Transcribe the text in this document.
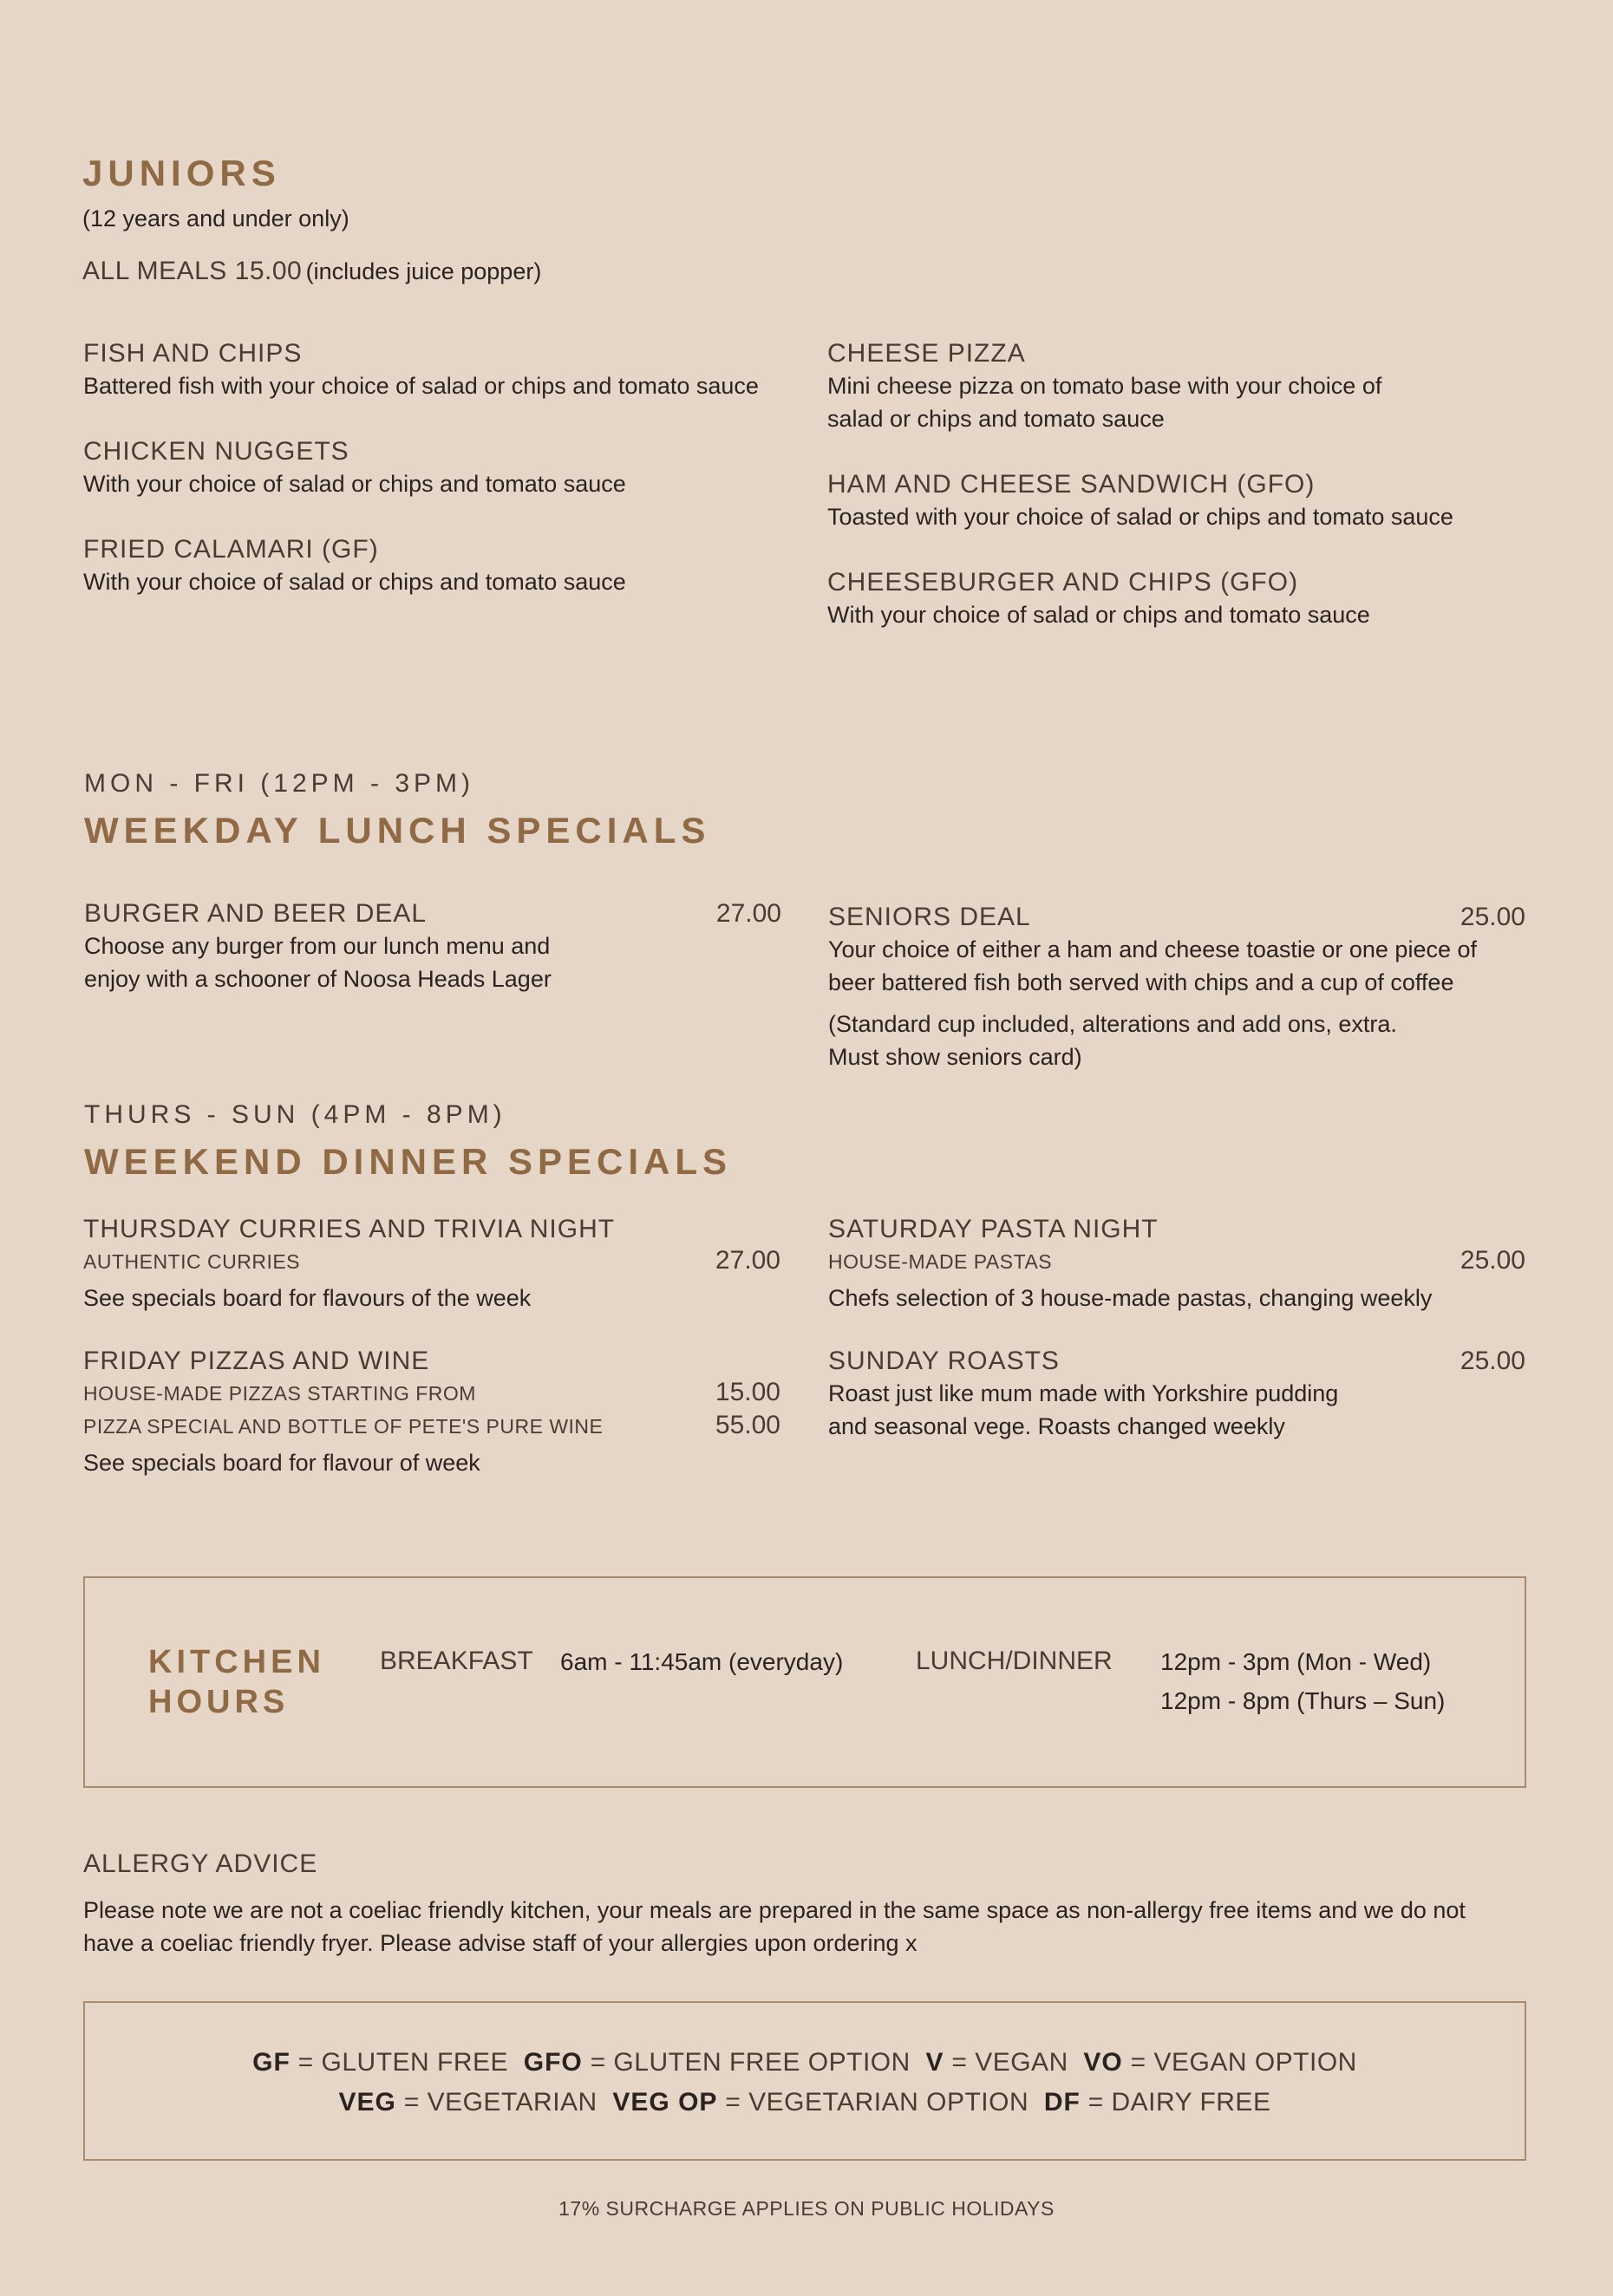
JUNIORS
(12 years and under only)
ALL MEALS 15.00 (includes juice popper)
FISH AND CHIPS
Battered fish with your choice of salad or chips and tomato sauce
CHICKEN NUGGETS
With your choice of salad or chips and tomato sauce
FRIED CALAMARI (GF)
With your choice of salad or chips and tomato sauce
CHEESE PIZZA
Mini cheese pizza on tomato base with your choice of salad or chips and tomato sauce
HAM AND CHEESE SANDWICH (GFO)
Toasted with your choice of salad or chips and tomato sauce
CHEESEBURGER AND CHIPS (GFO)
With your choice of salad or chips and tomato sauce
MON - FRI (12PM - 3PM)
WEEKDAY LUNCH SPECIALS
BURGER AND BEER DEAL	27.00
Choose any burger from our lunch menu and enjoy with a schooner of Noosa Heads Lager
SENIORS DEAL	25.00
Your choice of either a ham and cheese toastie or one piece of beer battered fish both served with chips and a cup of coffee
(Standard cup included, alterations and add ons, extra. Must show seniors card)
THURS - SUN (4PM - 8PM)
WEEKEND DINNER SPECIALS
THURSDAY CURRIES AND TRIVIA NIGHT
AUTHENTIC CURRIES	27.00
See specials board for flavours of the week
FRIDAY PIZZAS AND WINE
HOUSE-MADE PIZZAS STARTING FROM	15.00
PIZZA SPECIAL AND BOTTLE OF PETE'S PURE WINE	55.00
See specials board for flavour of week
SATURDAY PASTA NIGHT
HOUSE-MADE PASTAS	25.00
Chefs selection of 3 house-made pastas, changing weekly
SUNDAY ROASTS	25.00
Roast just like mum made with Yorkshire pudding and seasonal vege. Roasts changed weekly
KITCHEN
HOURS
BREAKFAST 6am - 11:45am (everyday)	LUNCH/DINNER 12pm - 3pm (Mon - Wed)
12pm - 8pm (Thurs – Sun)
ALLERGY ADVICE
Please note we are not a coeliac friendly kitchen, your meals are prepared in the same space as non-allergy free items and we do not have a coeliac friendly fryer. Please advise staff of your allergies upon ordering x
GF = GLUTEN FREE GFO = GLUTEN FREE OPTION V = VEGAN VO = VEGAN OPTION
VEG = VEGETARIAN VEG OP = VEGETARIAN OPTION DF = DAIRY FREE
17% SURCHARGE APPLIES ON PUBLIC HOLIDAYS
